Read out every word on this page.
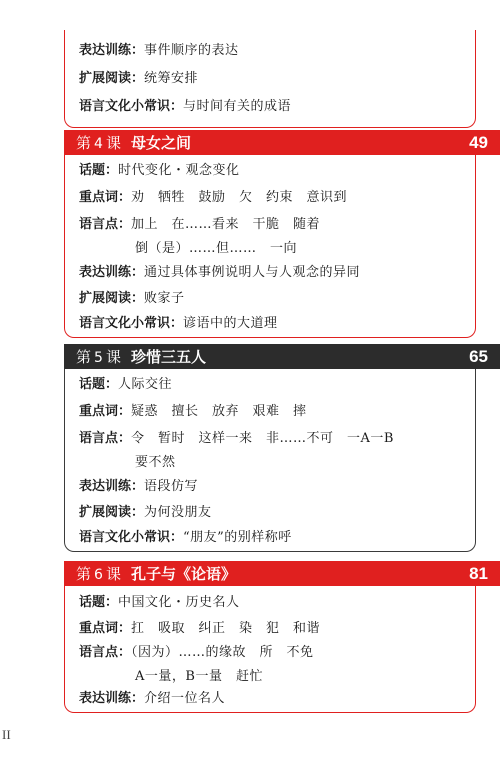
表达训练：事件顺序的表达
扩展阅读：统筹安排
语言文化小常识：与时间有关的成语
第 4 课 母女之间	49
话题：时代变化・观念变化
重点词：劝　牺牲　鼓励　欠　约束　意识到
语言点：加上　在……看来　干脆　随着
倒（是）……但……　一向
表达训练：通过具体事例说明人与人观念的异同
扩展阅读：败家子
语言文化小常识：谚语中的大道理
第 5 课 珍惜三五人	65
话题：人际交往
重点词：疑惑　擅长　放弃　艰难　摔
语言点：令　暂时　这样一来　非……不可　一A一B
要不然
表达训练：语段仿写
扩展阅读：为何没朋友
语言文化小常识：“朋友”的别样称呼
第 6 课 孔子与《论语》	81
话题：中国文化・历史名人
重点词：扛　吸取　纠正　染　犯　和谐
语言点：（因为）……的缘故　所　不免
A一量，B一量　赶忙
表达训练：介绍一位名人
II
